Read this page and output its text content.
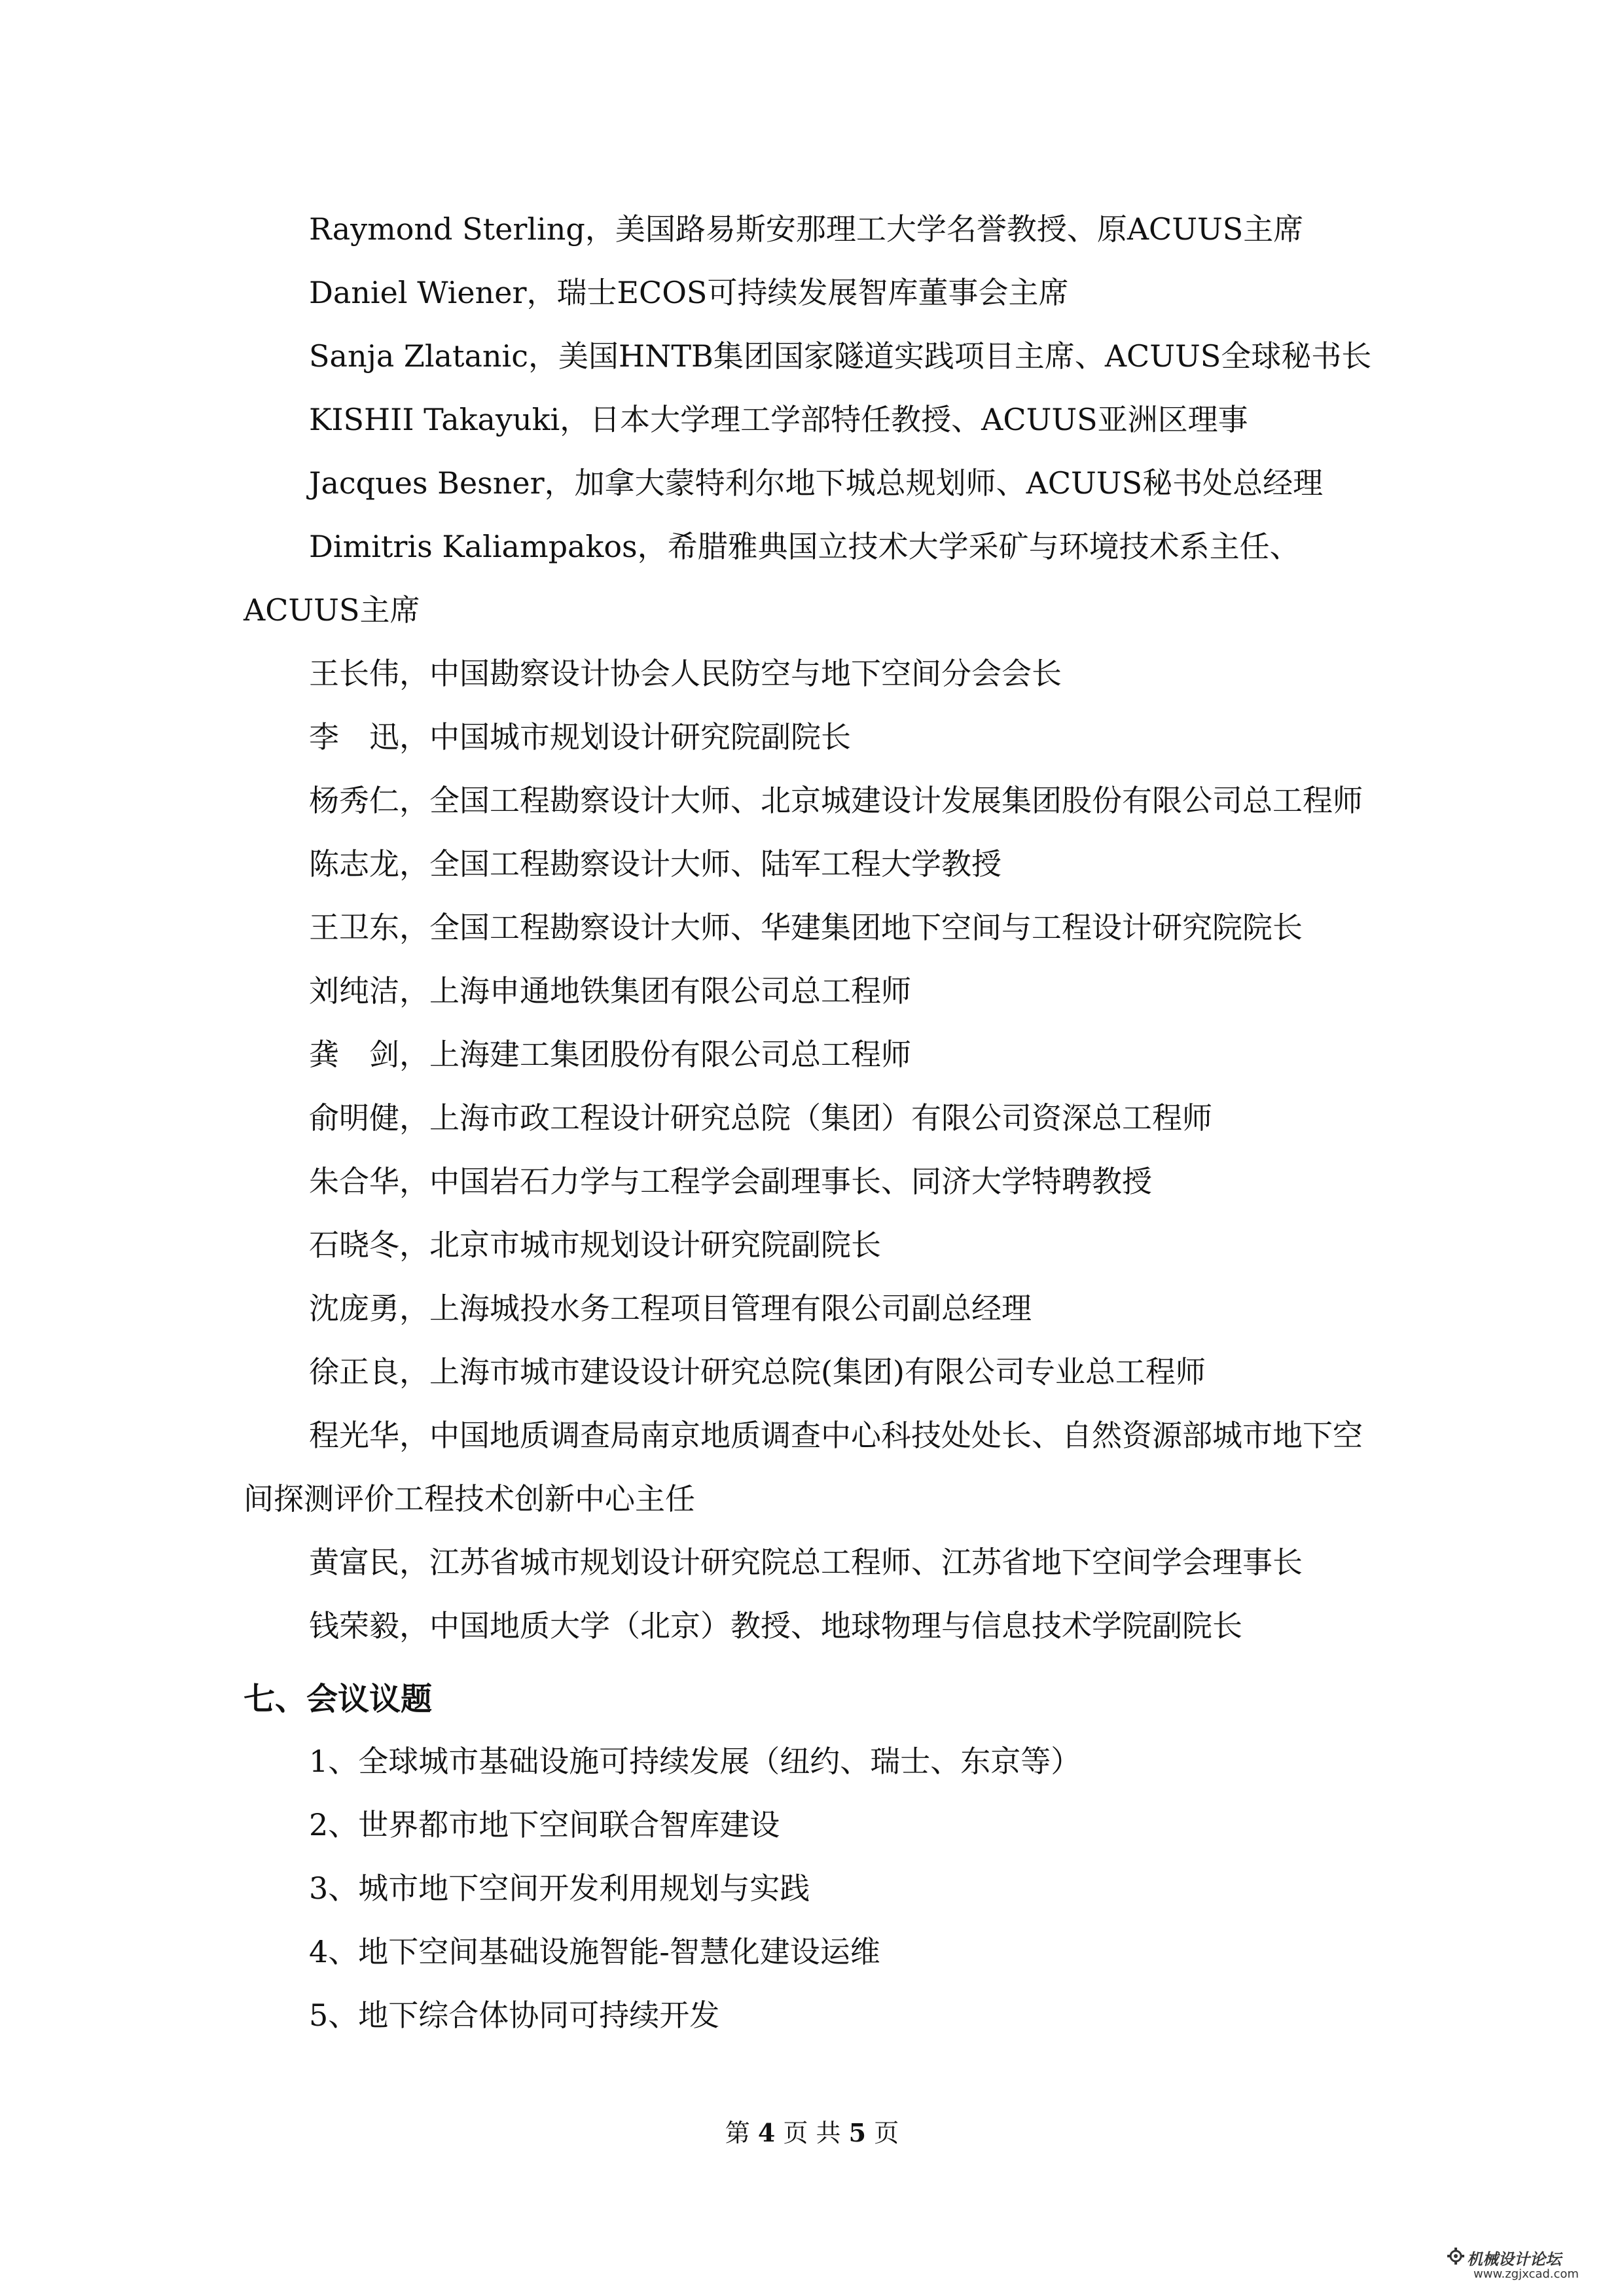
Raymond Sterling，美国路易斯安那理工大学名誉教授、原ACUUS主席

Daniel Wiener，瑞士ECOS可持续发展智库董事会主席

Sanja Zlatanic，美国HNTB集团国家隧道实践项目主席、ACUUS全球秘书长

KISHII Takayuki，日本大学理工学部特任教授、ACUUS亚洲区理事

Jacques Besner，加拿大蒙特利尔地下城总规划师、ACUUS秘书处总经理

Dimitris Kaliampakos，希腊雅典国立技术大学采矿与环境技术系主任、ACUUS主席

王长伟，中国勘察设计协会人民防空与地下空间分会会长

李　迅，中国城市规划设计研究院副院长

杨秀仁，全国工程勘察设计大师、北京城建设计发展集团股份有限公司总工程师

陈志龙，全国工程勘察设计大师、陆军工程大学教授

王卫东，全国工程勘察设计大师、华建集团地下空间与工程设计研究院院长

刘纯洁，上海申通地铁集团有限公司总工程师

龚　剑，上海建工集团股份有限公司总工程师

俞明健，上海市政工程设计研究总院（集团）有限公司资深总工程师

朱合华，中国岩石力学与工程学会副理事长、同济大学特聘教授

石晓冬，北京市城市规划设计研究院副院长

沈庞勇，上海城投水务工程项目管理有限公司副总经理

徐正良，上海市城市建设设计研究总院(集团)有限公司专业总工程师

程光华，中国地质调查局南京地质调查中心科技处处长、自然资源部城市地下空间探测评价工程技术创新中心主任

黄富民，江苏省城市规划设计研究院总工程师、江苏省地下空间学会理事长

钱荣毅，中国地质大学（北京）教授、地球物理与信息技术学院副院长

七、会议议题

1、全球城市基础设施可持续发展（纽约、瑞士、东京等）

2、世界都市地下空间联合智库建设

3、城市地下空间开发利用规划与实践

4、地下空间基础设施智能-智慧化建设运维

5、地下综合体协同可持续开发

第 4 页 共 5 页
机械设计论坛
www.zgjxcad.com
